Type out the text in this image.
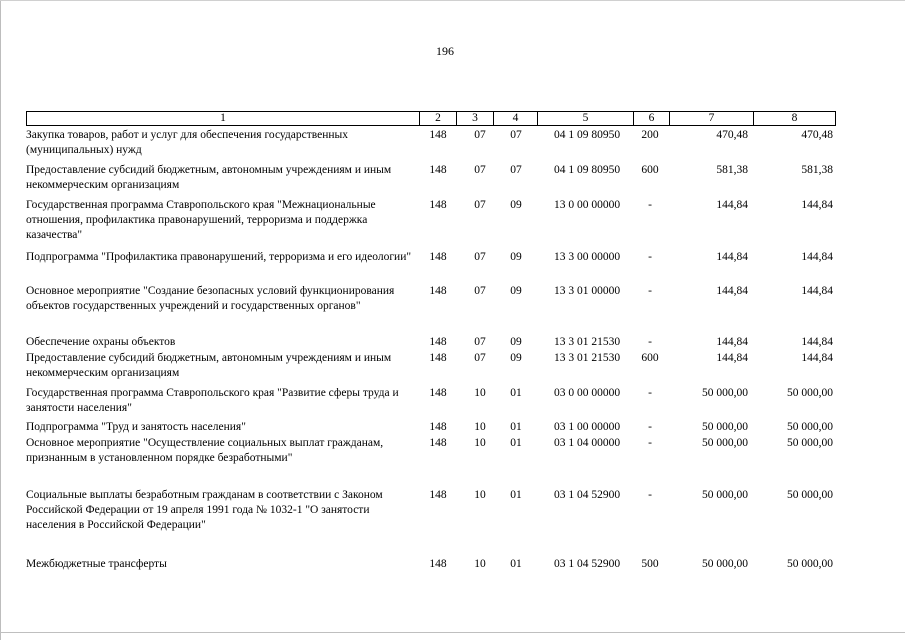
196
1	2	3	4	5	6	7	8
Закупка товаров, работ и услуг для обеспечения государственных (муниципальных) нужд
148	07	07	04 1 09 80950	200	470,48	470,48
Предоставление субсидий бюджетным, автономным учреждениям и иным некоммерческим организациям
148	07	07	04 1 09 80950	600	581,38	581,38
Государственная программа Ставропольского края "Межнациональные отношения, профилактика правонарушений, терроризма и поддержка казачества"
148	07	09	13 0 00 00000	-	144,84	144,84
Подпрограмма "Профилактика правонарушений, терроризма и его идеологии"	148	07	09	13 3 00 00000	-	144,84	144,84
Основное мероприятие "Создание безопасных условий функционирования объектов государственных учреждений и государственных органов"
148	07	09	13 3 01 00000	-	144,84	144,84
Обеспечение охраны объектов	148	07	09	13 3 01 21530	-	144,84	144,84
Предоставление субсидий бюджетным, автономным учреждениям и иным некоммерческим организациям
148	07	09	13 3 01 21530	600	144,84	144,84
Государственная программа Ставропольского края "Развитие сферы труда и занятости населения"
148	10	01	03 0 00 00000	-	50 000,00	50 000,00
Подпрограмма "Труд и занятость населения"	148	10	01	03 1 00 00000	-	50 000,00	50 000,00
Основное мероприятие "Осуществление социальных выплат гражданам, признанным в установленном порядке безработными"
148	10	01	03 1 04 00000	-	50 000,00	50 000,00
Социальные выплаты безработным гражданам в соответствии с Законом Российской Федерации от 19 апреля 1991 года № 1032-1 "О занятости населения в Российской Федерации"
148	10	01	03 1 04 52900	-	50 000,00	50 000,00
Межбюджетные трансферты	148	10	01	03 1 04 52900	500	50 000,00	50 000,00
